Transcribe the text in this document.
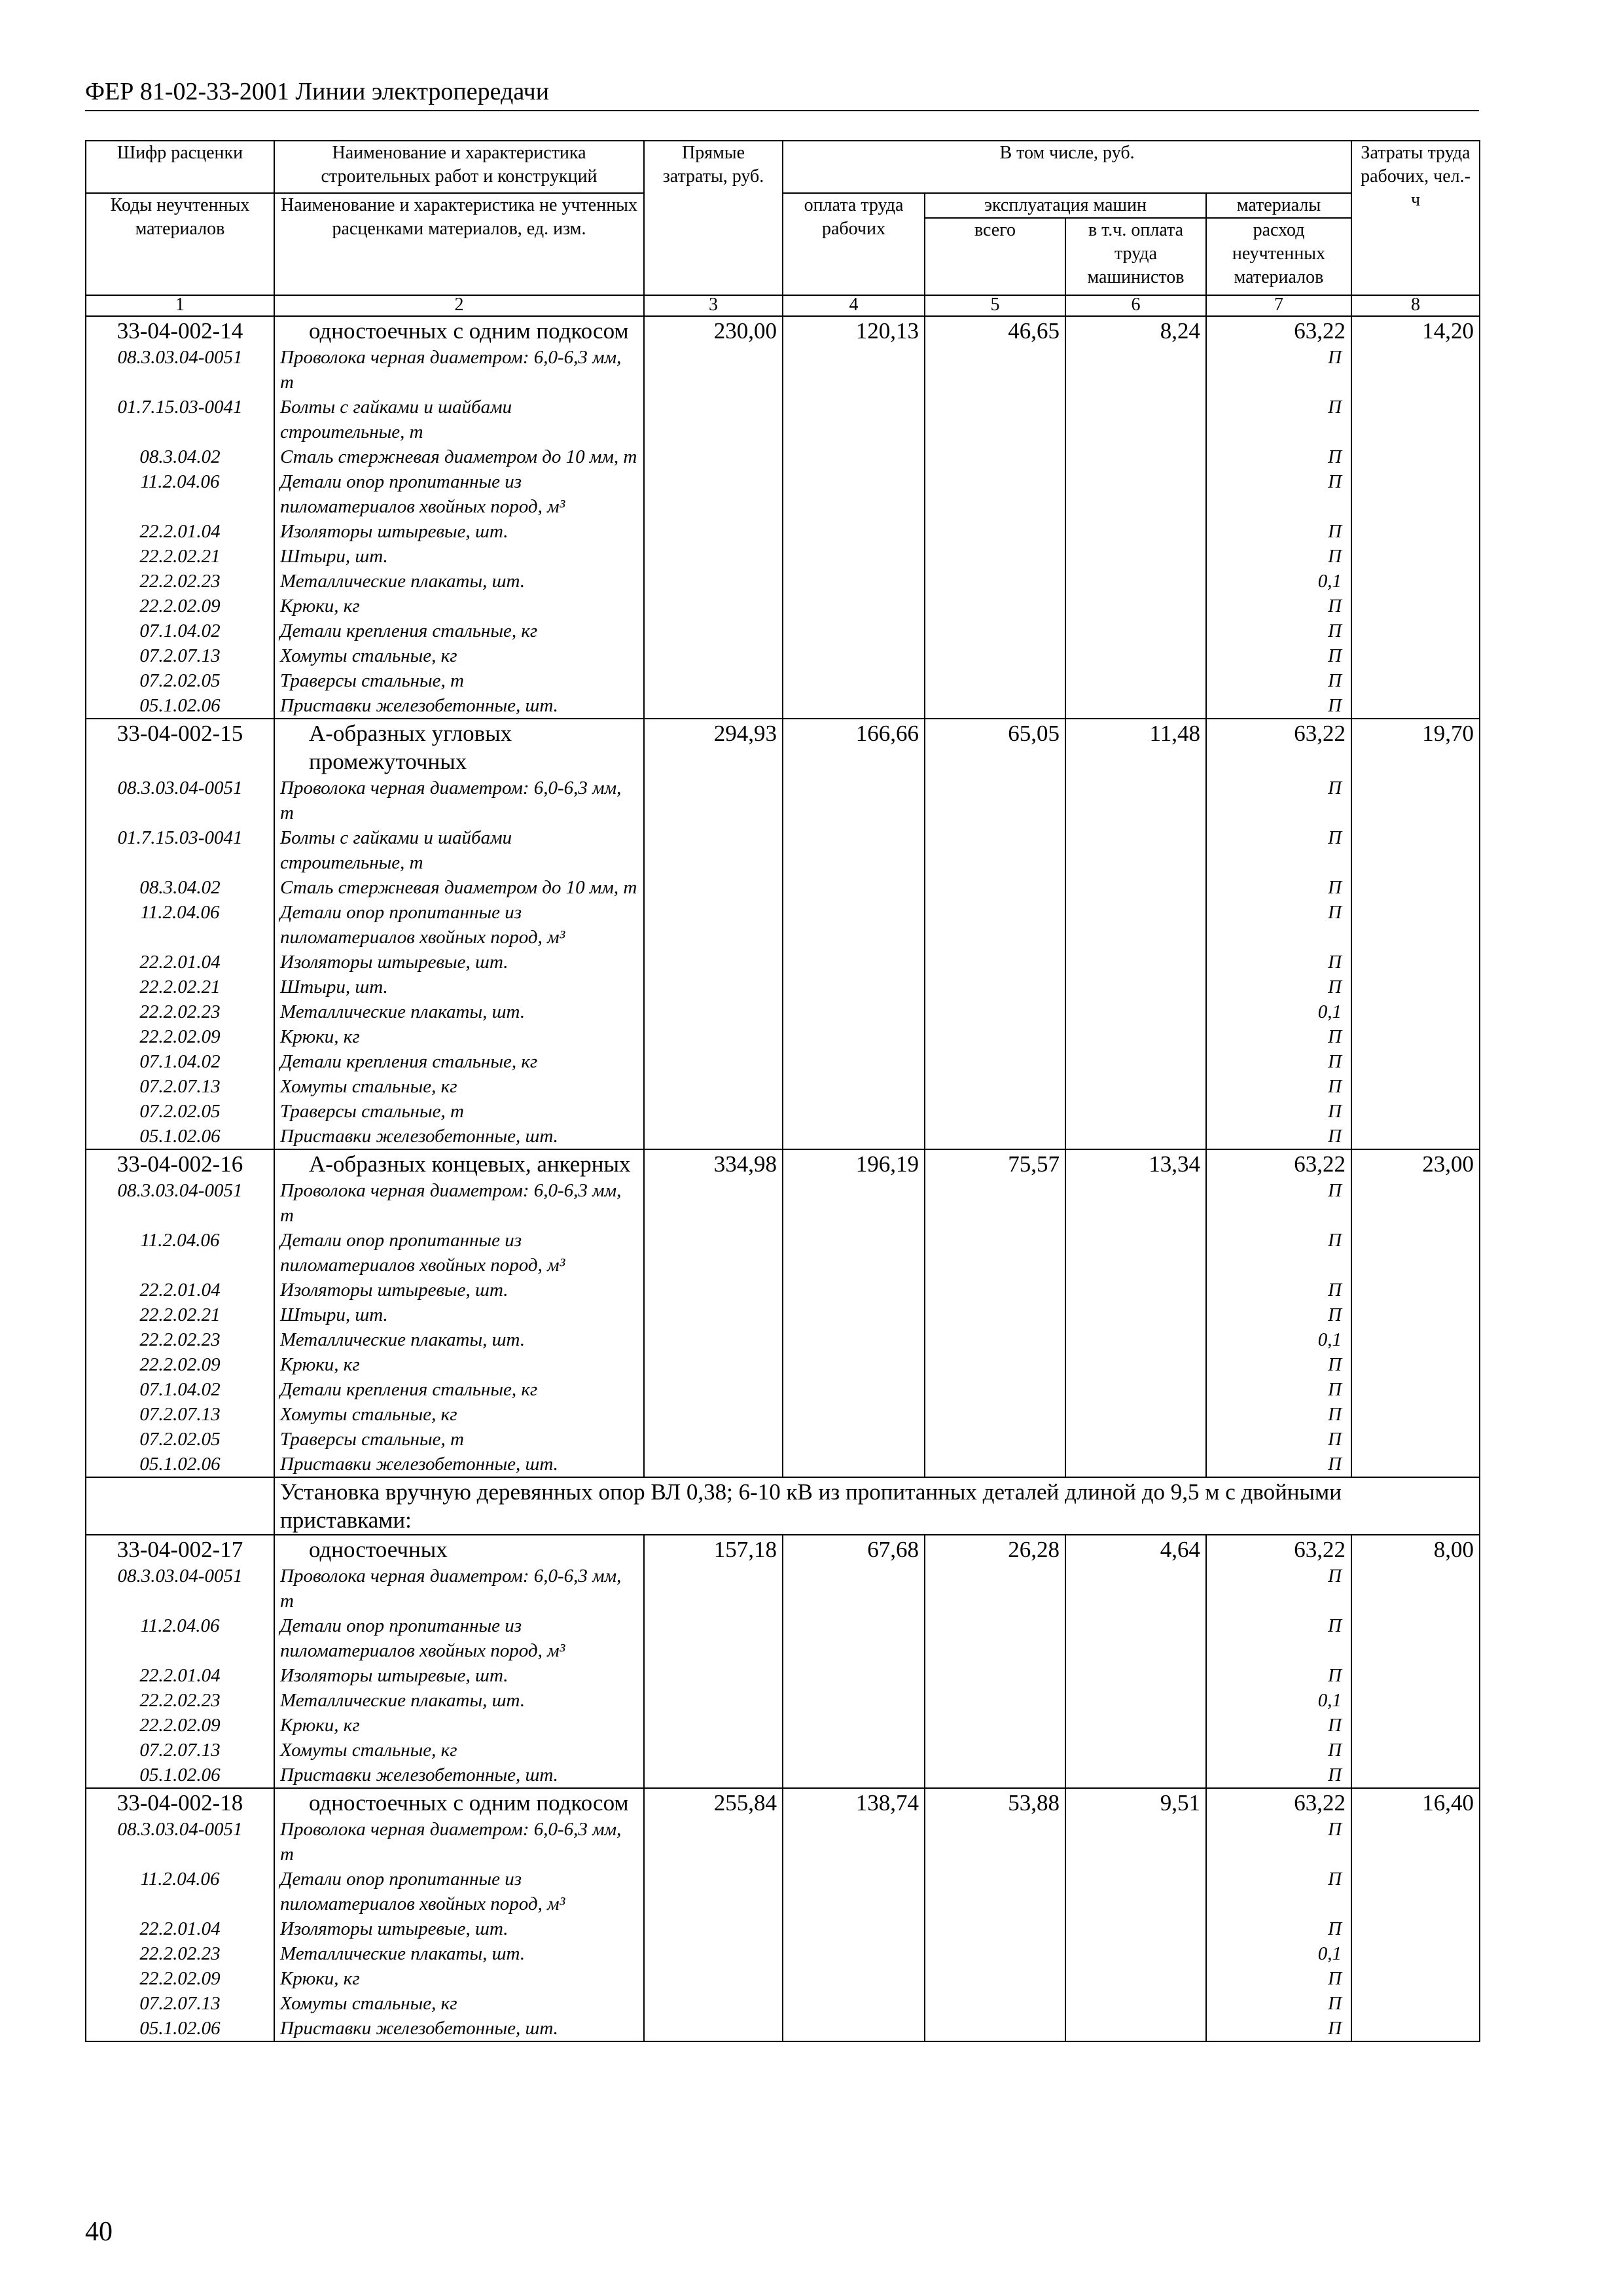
ФЕР 81-02-33-2001 Линии электропередачи
Шифр расценки	Наименование и характеристика строительных работ и конструкций	Прямые затраты, руб.	В том числе, руб.				Затраты труда рабочих, чел.-ч
Коды неучтенных материалов	Наименование и характеристика не учтенных расценками материалов, ед. изм.		оплата труда рабочих	эксплуатация машин		материалы	
				всего	в т.ч. оплата труда машинистов	расход неучтенных материалов	
1	2	3	4	5	6	7	8
33-04-002-14	одностоечных с одним подкосом	230,00	120,13	46,65	8,24	63,22	14,20
08.3.03.04-0051	Проволока черная диаметром: 6,0-6,3 мм, т					П	
01.7.15.03-0041	Болты с гайками и шайбами строительные, т					П	
08.3.04.02	Сталь стержневая диаметром до 10 мм, т					П	
11.2.04.06	Детали опор пропитанные из пиломатериалов хвойных пород, м³					П	
22.2.01.04	Изоляторы штыревые, шт.					П	
22.2.02.21	Штыри, шт.					П	
22.2.02.23	Металлические плакаты, шт.					0,1	
22.2.02.09	Крюки, кг					П	
07.1.04.02	Детали крепления стальные, кг					П	
07.2.07.13	Хомуты стальные, кг					П	
07.2.02.05	Траверсы стальные, т					П	
05.1.02.06	Приставки железобетонные, шт.					П	
33-04-002-15	А-образных угловых промежуточных	294,93	166,66	65,05	11,48	63,22	19,70
08.3.03.04-0051	Проволока черная диаметром: 6,0-6,3 мм, т					П	
01.7.15.03-0041	Болты с гайками и шайбами строительные, т					П	
08.3.04.02	Сталь стержневая диаметром до 10 мм, т					П	
11.2.04.06	Детали опор пропитанные из пиломатериалов хвойных пород, м³					П	
22.2.01.04	Изоляторы штыревые, шт.					П	
22.2.02.21	Штыри, шт.					П	
22.2.02.23	Металлические плакаты, шт.					0,1	
22.2.02.09	Крюки, кг					П	
07.1.04.02	Детали крепления стальные, кг					П	
07.2.07.13	Хомуты стальные, кг					П	
07.2.02.05	Траверсы стальные, т					П	
05.1.02.06	Приставки железобетонные, шт.					П	
33-04-002-16	А-образных концевых, анкерных	334,98	196,19	75,57	13,34	63,22	23,00
08.3.03.04-0051	Проволока черная диаметром: 6,0-6,3 мм, т					П	
11.2.04.06	Детали опор пропитанные из пиломатериалов хвойных пород, м³					П	
22.2.01.04	Изоляторы штыревые, шт.					П	
22.2.02.21	Штыри, шт.					П	
22.2.02.23	Металлические плакаты, шт.					0,1	
22.2.02.09	Крюки, кг					П	
07.1.04.02	Детали крепления стальные, кг					П	
07.2.07.13	Хомуты стальные, кг					П	
07.2.02.05	Траверсы стальные, т					П	
05.1.02.06	Приставки железобетонные, шт.					П	
	Установка вручную деревянных опор ВЛ 0,38; 6-10 кВ из пропитанных деталей длиной до 9,5 м с двойными приставками:						
33-04-002-17	одностоечных	157,18	67,68	26,28	4,64	63,22	8,00
08.3.03.04-0051	Проволока черная диаметром: 6,0-6,3 мм, т					П	
11.2.04.06	Детали опор пропитанные из пиломатериалов хвойных пород, м³					П	
22.2.01.04	Изоляторы штыревые, шт.					П	
22.2.02.23	Металлические плакаты, шт.					0,1	
22.2.02.09	Крюки, кг					П	
07.2.07.13	Хомуты стальные, кг					П	
05.1.02.06	Приставки железобетонные, шт.					П	
33-04-002-18	одностоечных с одним подкосом	255,84	138,74	53,88	9,51	63,22	16,40
08.3.03.04-0051	Проволока черная диаметром: 6,0-6,3 мм, т					П	
11.2.04.06	Детали опор пропитанные из пиломатериалов хвойных пород, м³					П	
22.2.01.04	Изоляторы штыревые, шт.					П	
22.2.02.23	Металлические плакаты, шт.					0,1	
22.2.02.09	Крюки, кг					П	
07.2.07.13	Хомуты стальные, кг					П	
05.1.02.06	Приставки железобетонные, шт.					П	
40
